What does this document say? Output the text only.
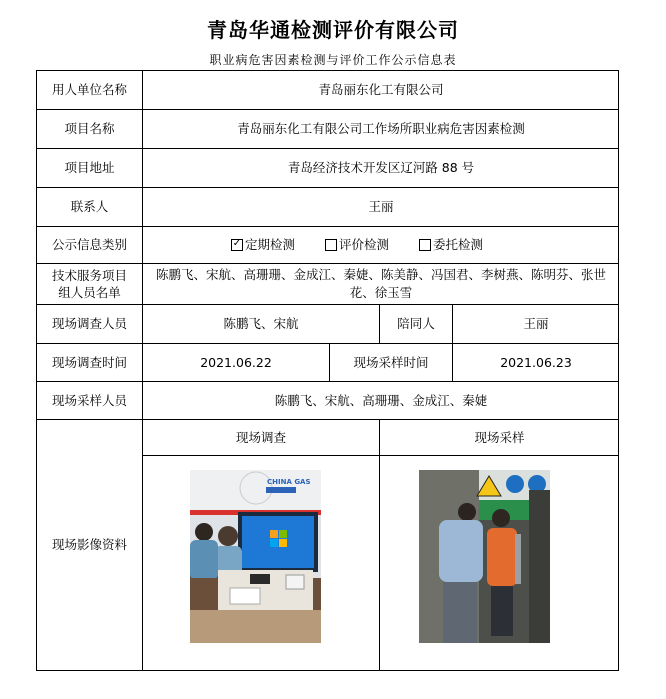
青岛华通检测评价有限公司
职业病危害因素检测与评价工作公示信息表
用人单位名称	青岛丽东化工有限公司
项目名称	青岛丽东化工有限公司工作场所职业病危害因素检测
项目地址	青岛经济技术开发区辽河路 88 号
联系人	王丽
公示信息类别
✓	定期检测	评价检测	委托检测
技术服务项目
组人员名单
陈鹏飞、宋航、高珊珊、金成江、秦婕、陈美静、冯国君、李树燕、陈明芬、张世花、徐玉雪
现场调查人员	陈鹏飞、宋航	陪同人	王丽
现场调查时间	2021.06.22	现场采样时间	2021.06.23
现场采样人员	陈鹏飞、宋航、高珊珊、金成江、秦婕
现场影像资料
现场调查	现场采样
CHINA GAS
